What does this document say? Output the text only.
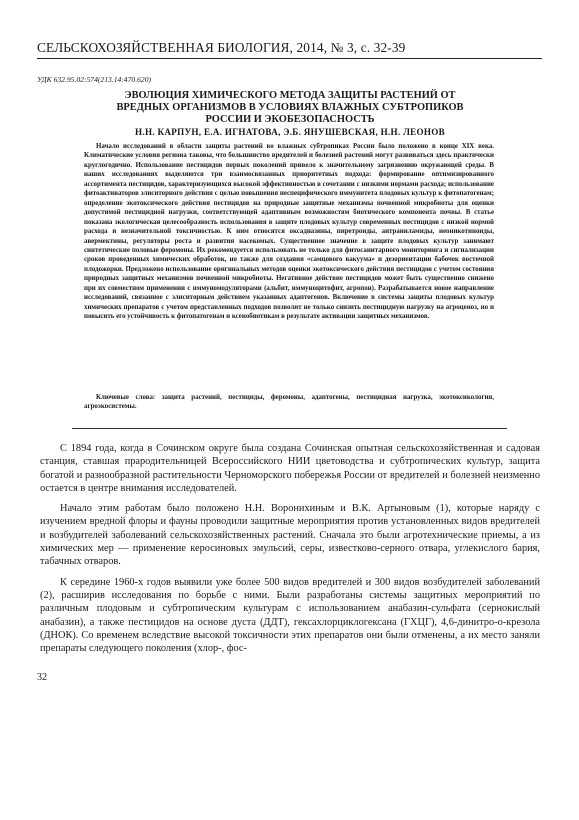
СЕЛЬСКОХОЗЯЙСТВЕННАЯ БИОЛОГИЯ, 2014, № 3, с. 32-39
УДК 632.95.02:574(213.14:470.620)
ЭВОЛЮЦИЯ ХИМИЧЕСКОГО МЕТОДА ЗАЩИТЫ РАСТЕНИЙ ОТ
ВРЕДНЫХ ОРГАНИЗМОВ В УСЛОВИЯХ ВЛАЖНЫХ СУБТРОПИКОВ
РОССИИ И ЭКОБЕЗОПАСНОСТЬ
Н.Н. КАРПУН, Е.А. ИГНАТОВА, Э.Б. ЯНУШЕВСКАЯ, Н.Н. ЛЕОНОВ
Начало исследований в области защиты растений во влажных субтропиках России было положено в конце XIX века. Климатические условия региона таковы, что большинство вредителей и болезней растений могут развиваться здесь практически круглогодично. Использование пестицидов первых поколений привело к значительному загрязнению окружающей среды. В наших исследованиях выделяются три взаимосвязанных приоритетных подхода: формирование оптимизированного ассортимента пестицидов, характеризующихся высокой эффективностью в сочетании с низкими нормами расхода; использование фитоактиваторов элиситорного действия с целью повышения неспецифического иммунитета плодовых культур к фитопатогенам; определение экотоксического действия пестицидов на природные защитные механизмы почвенной микробиоты для оценки допустимой пестицидной нагрузки, соответствующей адаптивным возможностям биотического компонента почвы. В статье показана экологическая целесообразность использования в защите плодовых культур современных пестицидов с низкой нормой расхода и незначительной токсичностью. К ним относятся оксадиазины, пиретроиды, антраниламиды, неоникотиноиды, авермектины, регуляторы роста и развития насекомых. Существенное значение в защите плодовых культур занимают синтетические половые феромоны. Их рекомендуется использовать не только для фитосанитарного мониторинга и сигнализации сроков проведенных химических обработок, но также для создания «самцового вакуума» и дезориентации бабочек восточной плодожорки. Предложено использование оригинальных методов оценки экотоксического действия пестицидов с учетом состояния природных защитных механизмов почвенной микробиоты. Негативное действие пестицидов может быть существенно снижено при их совместном применении с иммуномодуляторами (альбит, иммуноцитофит, агропон). Разрабатывается новое направление исследований, связанное с элиситорным действием указанных адаптогенов. Включение в системы защиты плодовых культур химических препаратов с учетом представленных подходов позволит не только снизить пестицидную нагрузку на агроценоз, но и повысить его устойчивость к фитопатогенам и ксенобиотикам в результате активации защитных механизмов.
Ключевые слова: защита растений, пестициды, феромоны, адаптогены, пестицидная нагрузка, экотоксикология, агроэкосистемы.

С 1894 года, когда в Сочинском округе была создана Сочинская опытная сельскохозяйственная и садовая станция, ставшая прародительницей Всероссийского НИИ цветоводства и субтропических культур, защита богатой и разнообразной растительности Черноморского побережья России от вредителей и болезней неизменно остается в центре внимания исследователей.

Начало этим работам было положено Н.Н. Воронихиным и В.К. Артыновым (1), которые наряду с изучением вредной флоры и фауны проводили защитные мероприятия против установленных видов вредителей и возбудителей заболеваний сельскохозяйственных растений. Сначала это были агротехнические приемы, а из химических мер — применение керосиновых эмульсий, серы, известково-серного отвара, углекислого бария, табачных отваров.

К середине 1960-х годов выявили уже более 500 видов вредителей и 300 видов возбудителей заболеваний (2), расширив исследования по борьбе с ними. Были разработаны системы защитных мероприятий по различным плодовым и субтропическим культурам с использованием анабазин-сульфата (сернокислый анабазин), а также пестицидов на основе дуста (ДДТ), гексахлорциклогексана (ГХЦГ), 4,6-динитро-о-крезола (ДНОК). Со временем вследствие высокой токсичности этих препаратов они были отменены, а их место заняли препараты следующего поколения (хлор-, фос-

32
